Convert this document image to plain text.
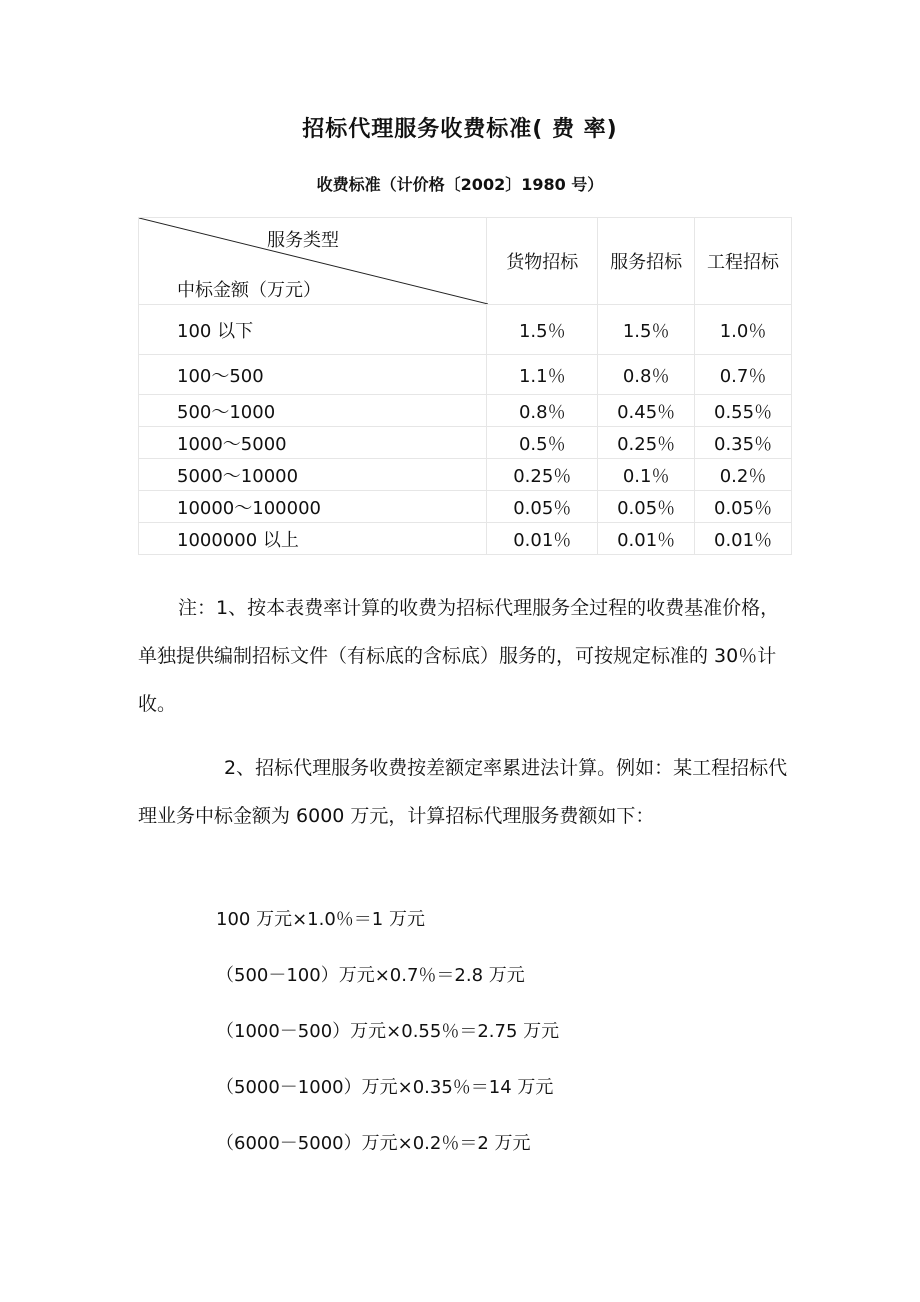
招标代理服务收费标准( 费 率)
收费标准（计价格〔2002〕1980 号）
服务类型
中标金额（万元）	货物招标	服务招标	工程招标
100 以下	1.5％	1.5％	1.0％
100～500	1.1％	0.8％	0.7％
500～1000	0.8％	0.45％	0.55％
1000～5000	0.5％	0.25％	0.35％
5000～10000	0.25％	0.1％	0.2％
10000～100000	0.05％	0.05％	0.05％
1000000 以上	0.01％	0.01％	0.01％
注：1、按本表费率计算的收费为招标代理服务全过程的收费基准价格，单独提供编制招标文件（有标底的含标底）服务的，可按规定标准的 30％计收。
2、招标代理服务收费按差额定率累进法计算。例如：某工程招标代理业务中标金额为 6000 万元，计算招标代理服务费额如下：
100 万元×1.0％＝1 万元
（500－100）万元×0.7％＝2.8 万元
（1000－500）万元×0.55％＝2.75 万元
（5000－1000）万元×0.35％＝14 万元
（6000－5000）万元×0.2％＝2 万元
